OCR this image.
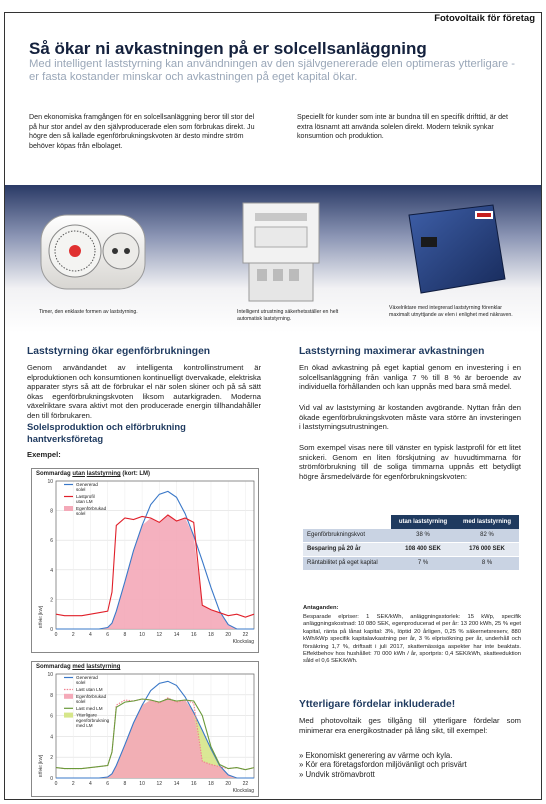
Fotovoltaik för företag
Så ökar ni avkastningen på er solcellsanläggning
Med intelligent laststyrning kan användningen av den självgenererade elen optimeras ytterligare - er fasta kostander minskar och avkastningen på eget kapital ökar.
Den ekonomiska framgången för en solcellsanläggning beror till stor del på hur stor andel av den självproducerade elen som förbrukas direkt. Ju högre den så kallade egenförbrukningskvoten är desto mindre ström behöver köpas från elbolaget.
Speciellt för kunder som inte är bundna till en specifik drifttid, är det extra lösnamt att använda solelen direkt. Modern teknik synkar konsumtion och produktion.
Timer, den enklaste formen av laststyrning.	Intelligent utrustning säkerhetsställer en helt automatisk laststyrning.
Växelriktare med integrerad laststyrning förenklar maximalt utnyttjande av elen i enlighet med näkraven.
Laststyrning ökar egenförbrukningen
Genom användandet av intelligenta kontrollinstrument är elproduktionen och konsumtionen kontinuelligt övervakade, elektriska apparater styrs så att de förbrukar el när solen skiner och på så sätt ökas egenförbrukningskvoten liksom autarkigraden. Moderna växelriktare svara aktivt mot den producerade energin tillhandahåller den till förbrukaren.
Solelsproduktion och elförbrukning hantverksföretag
Exempel:
Sommardag utan laststyrning (kort: LM)
0
2
4
6
8
10
0	2	4	6	8	10 12 14 16 18 20 22
Genererad
solel
Lastprofil
utan LM
Egenförbrukad
solel
Klockslag
Effekt [kW]
Sommardag med laststyrning
0
2
4
6
8
10
0	2	4	6	8	10 12 14 16 18 20 22
Genererad
solel
Last utan LM
Egenförbrukad
solel
Last med LM
Ytterligare
egenförbrukning
med LM
Klockslag
Effekt [kW]
Laststyrning maximerar avkastningen
En ökad avkastning på eget kaptial genom en investering i en solcellsanläggning från vanliga 7 % till 8 % är beroende av individuella förhållanden och kan uppnås med bara små medel.
Vid val av laststyrning är kostanden avgörande. Nyttan från den ökade egenförbrukningskvoten måste vara större än invsteringen i laststyrningsutrustningen.
Som exempel visas nere till vänster en typisk lastprofil för ett litet snickeri. Genom en liten förskjutning av huvudtimmarna för strömförbrukning till de soliga timmarna uppnås ett betydligt högre årsmedelvärde för egenförbrukningskvoten:
	utan laststyrning	med laststyrning
Egenförbrukningskvot	38 %	82 %
Besparing på 20 år	108 400 SEK	176 000 SEK
Räntabilitet på eget kapital	7 %	8 %
Antaganden:
Besparade elpriser: 1 SEK/kWh, anläggningsstorlek: 15 kWp, specifik anläggningskostnad: 10 080 SEK, egenproducerad el per år: 13 200 kWh, 25 % eget kapital, ränta på lånat kapital: 3%, löptid 20 årligen, 0,25 % säkernetsreserv, 880 kWh/kWp specifik kapitalavkastning per år, 3 % elprisökning per år, underhåll och försäkring 1,7 %, driftsatt i juli 2017, skattemässiga aspekter har inte beaktats. Effektbehov hos hushållet: 70 000 kWh / år, sportpris: 0,4 SEK/kWh, skatteeduktion såld el 0,6 SEK/kWh.
Ytterligare fördelar inkluderade!
Med photovoltaik ges tillgång till ytterligare fördelar som minimerar era energikostnader på lång sikt, till exempel:
» Ekonomiskt generering av värme och kyla.
» Kör era företagsfordon miljövänligt och prisvärt
» Undvik strömavbrott
